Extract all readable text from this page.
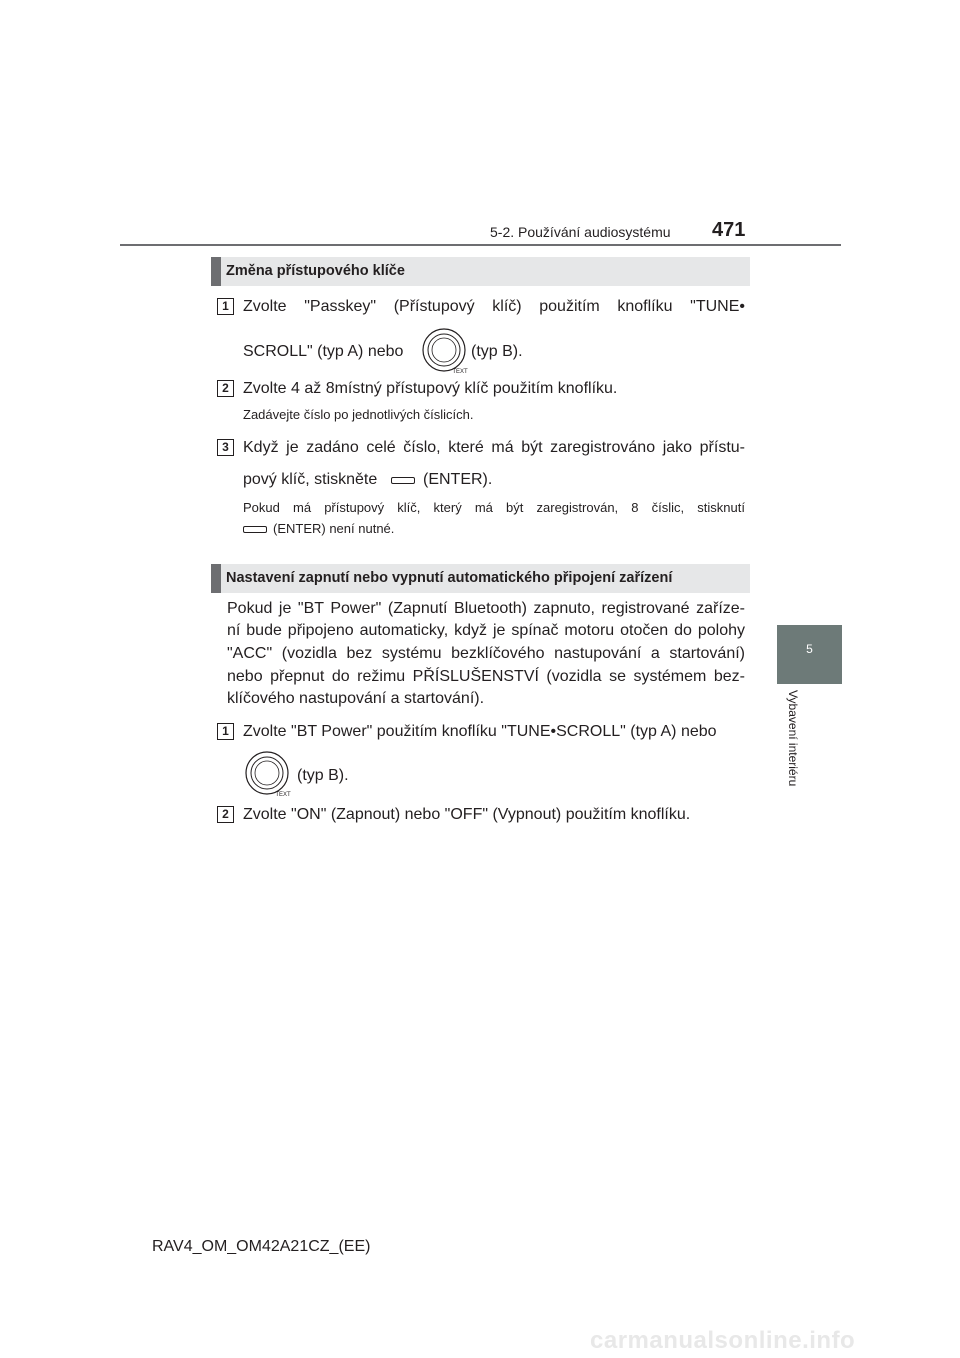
5-2. Používání audiosystému 471
5
Vybavení interiéru
Změna přístupového klíče
1 Zvolte "Passkey" (Přístupový klíč) použitím knoflíku "TUNE•
SCROLL" (typ A) nebo
TEXT
(typ B).
2 Zvolte 4 až 8místný přístupový klíč použitím knoflíku.
Zadávejte číslo po jednotlivých číslicích.
3 Když je zadáno celé číslo, které má být zaregistrováno jako přístu-
pový klíč, stiskněte	(ENTER).
Pokud má přístupový klíč, který má být zaregistrován, 8 číslic, stisknutí
(ENTER) není nutné.
Nastavení zapnutí nebo vypnutí automatického připojení zařízení
Pokud je "BT Power" (Zapnutí Bluetooth) zapnuto, registrované zaříze-
ní bude připojeno automaticky, když je spínač motoru otočen do polohy
"ACC" (vozidla bez systému bezklíčového nastupování a startování)
nebo přepnut do režimu PŘÍSLUŠENSTVÍ (vozidla se systémem bez-
klíčového nastupování a startování).
1 Zvolte "BT Power" použitím knoflíku "TUNE•SCROLL" (typ A) nebo
TEXT
(typ B).
2 Zvolte "ON" (Zapnout) nebo "OFF" (Vypnout) použitím knoflíku.
RAV4_OM_OM42A21CZ_(EE)
carmanualsonline.info
